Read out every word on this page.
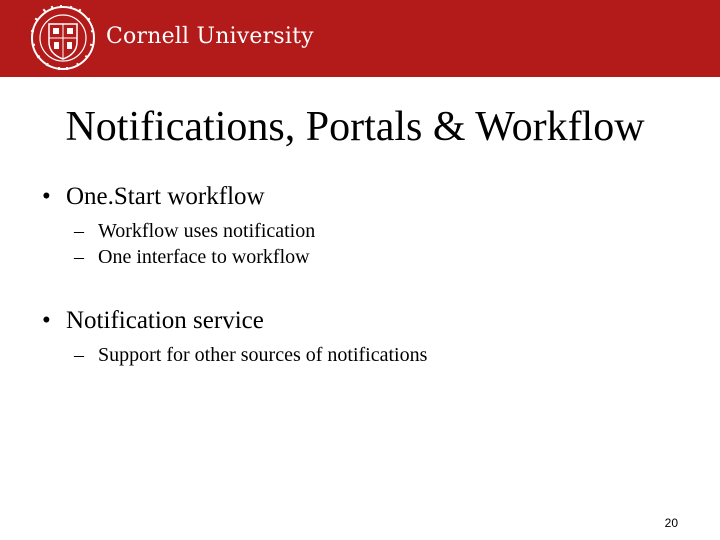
Cornell University
Notifications, Portals & Workflow
• One.Start workflow
– Workflow uses notification
– One interface to workflow
• Notification service
– Support for other sources of notifications
20
